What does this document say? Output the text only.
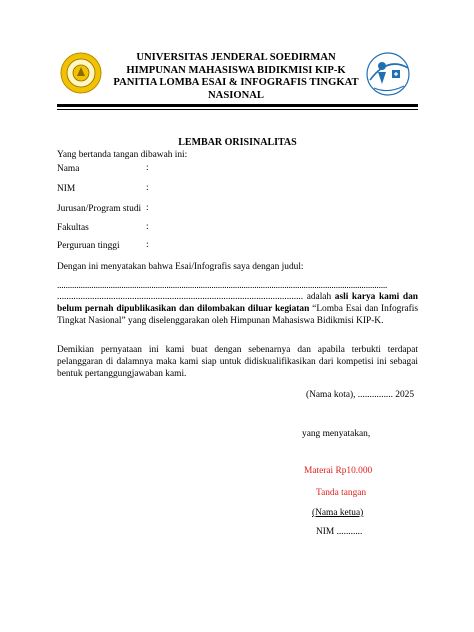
UNIVERSITAS JENDERAL SOEDIRMAN
HIMPUNAN MAHASISWA BIDIKMISI KIP-K
PANITIA LOMBA ESAI & INFOGRAFIS TINGKAT
NASIONAL
LEMBAR ORISINALITAS
Yang bertanda tangan dibawah ini:
Nama	:
NIM	:
Jurusan/Program studi :
Fakultas	:
Perguruan tinggi	:
Dengan ini menyatakan bahwa Esai/Infografis saya dengan judul:
..........................................................................................................................................................
......................................................................................................... adalah asli karya kami dan belum pernah dipublikasikan dan dilombakan diluar kegiatan “Lomba Esai dan Infografis Tingkat Nasional” yang diselenggarakan oleh Himpunan Mahasiswa Bidikmisi KIP-K.
Demikian pernyataan ini kami buat dengan sebenarnya dan apabila terbukti terdapat pelanggaran di dalamnya maka kami siap untuk didiskualifikasikan dari kompetisi ini sebagai bentuk pertanggungjawaban kami.
(Nama kota), ............... 2025
yang menyatakan,
Materai Rp10.000
Tanda tangan
(Nama ketua)
NIM ...........
